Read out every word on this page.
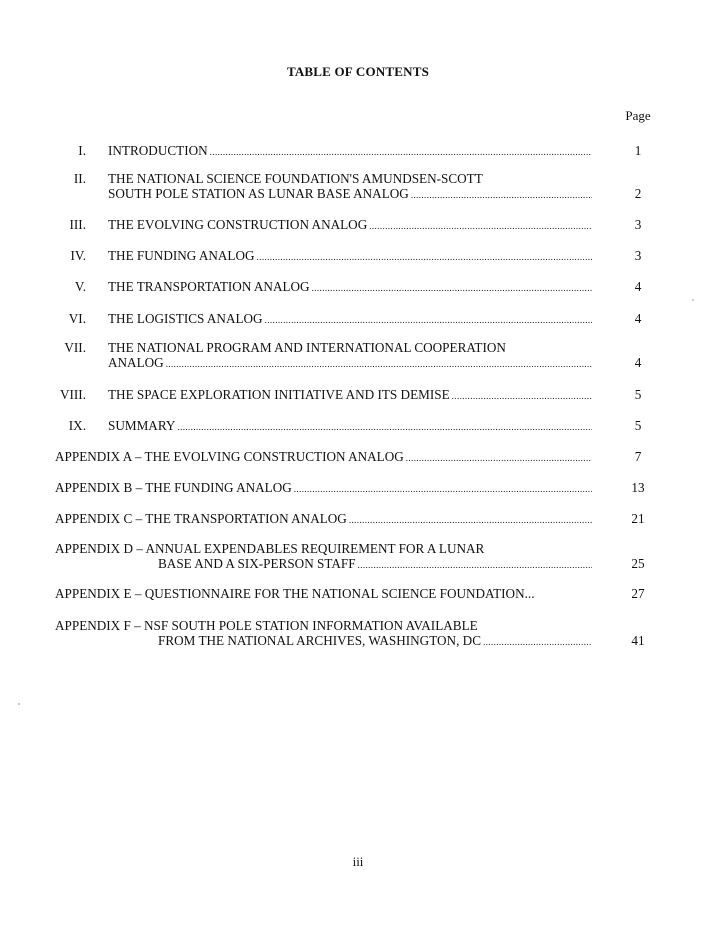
TABLE OF CONTENTS
Page
I. INTRODUCTION .....	1
II. THE NATIONAL SCIENCE FOUNDATION'S AMUNDSEN-SCOTT
SOUTH POLE STATION AS LUNAR BASE ANALOG .....	2
III. THE EVOLVING CONSTRUCTION ANALOG .....	3
IV. THE FUNDING ANALOG .....	3
V. THE TRANSPORTATION ANALOG .....	4
VI. THE LOGISTICS ANALOG .....	4
VII. THE NATIONAL PROGRAM AND INTERNATIONAL COOPERATION
ANALOG .....	4
VIII. THE SPACE EXPLORATION INITIATIVE AND ITS DEMISE .....	5
IX. SUMMARY .....	5
APPENDIX A – THE EVOLVING CONSTRUCTION ANALOG .....	7
APPENDIX B – THE FUNDING ANALOG .....	13
APPENDIX C – THE TRANSPORTATION ANALOG .....	21
APPENDIX D – ANNUAL EXPENDABLES REQUIREMENT FOR A LUNAR
BASE AND A SIX-PERSON STAFF .....	25
APPENDIX E – QUESTIONNAIRE FOR THE NATIONAL SCIENCE FOUNDATION...	27
APPENDIX F – NSF SOUTH POLE STATION INFORMATION AVAILABLE
FROM THE NATIONAL ARCHIVES, WASHINGTON, DC .....	41
iii
